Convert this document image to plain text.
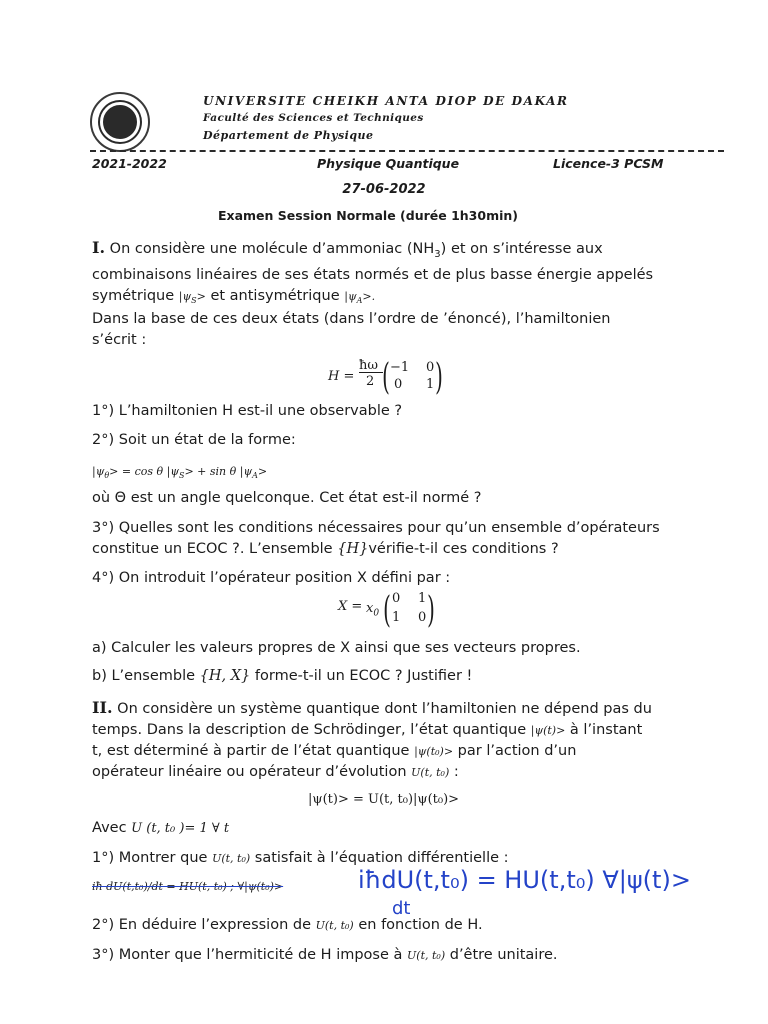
UNIVERSITE CHEIKH ANTA DIOP DE DAKAR
Faculté des Sciences et Techniques
Département de Physique
2021-2022	Physique Quantique	Licence-3 PCSM
27-06-2022
Examen Session Normale (durée 1h30min)
I. On considère une molécule d’ammoniac $(NH_3)$ et on s’intéresse aux
combinaisons linéaires de ses états normés et de plus basse énergie appelés
symétrique $|\psi_S>$ et antisymétrique $|\psi_A>$.
Dans la base de ces deux états (dans l’ordre de ’énoncé), l’hamiltonien
s’écrit :
H =
ħω
2 ( −1 0
0 1 )
1°) L’hamiltonien H est-il une observable ?
2°) Soit un état de la forme:
$|\psi_\theta> = \cos \theta$ $|\psi_S> + \sin \theta$ $|\psi_A>$
où Θ est un angle quelconque. Cet état est-il normé ?
3°) Quelles sont les conditions nécessaires pour qu’un ensemble d’opérateurs
constitue un ECOC ?. L’ensemble {H}vérifie-t-il ces conditions ?
4°) On introduit l’opérateur position X défini par :
$X = x_0$ ( 0 1
1 0 )
a) Calculer les valeurs propres de X ainsi que ses vecteurs propres.
b) L’ensemble {H, X} forme-t-il un ECOC ? Justifier !
II. On considère un système quantique dont l’hamiltonien ne dépend pas du
temps. Dans la description de Schrödinger, l’état quantique |ψ(t)> à l’instant
t, est déterminé à partir de l’état quantique |ψ(t₀)> par l’action d’un
opérateur linéaire ou opérateur d’évolution U(t, t₀) :
|ψ(t)> = U(t, t₀)|ψ(t₀)>
Avec U (t, t₀ )= 1 ∀ t
1°) Montrer que U(t, t₀) satisfait à l’équation différentielle :
iħ dU(t,t₀)/dt = HU(t, t₀) ; ∀|ψ(t₀)>	iħdU(t,t₀) = HU(t,t₀) ∀|ψ(t)>
dt
2°) En déduire l’expression de U(t, t₀) en fonction de H.
3°) Monter que l’hermiticité de H impose à U(t, t₀) d’être unitaire.
